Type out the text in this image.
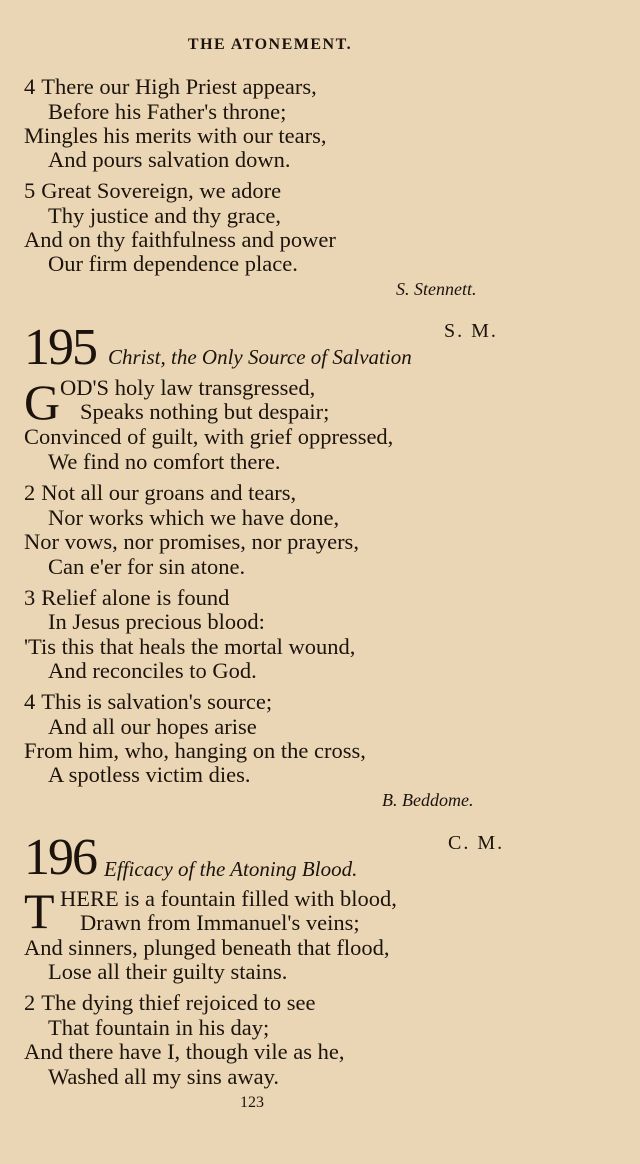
THE ATONEMENT.
4 There our High Priest appears,
Before his Father's throne;
Mingles his merits with our tears,
And pours salvation down.
5 Great Sovereign, we adore
Thy justice and thy grace,
And on thy faithfulness and power
Our firm dependence place.
S. Stennett.
195	S. M.
Christ, the Only Source of Salvation
G OD'S holy law transgressed,
Speaks nothing but despair;
Convinced of guilt, with grief oppressed,
We find no comfort there.
2 Not all our groans and tears,
Nor works which we have done,
Nor vows, nor promises, nor prayers,
Can e'er for sin atone.
3 Relief alone is found
In Jesus precious blood:
'Tis this that heals the mortal wound,
And reconciles to God.
4 This is salvation's source;
And all our hopes arise
From him, who, hanging on the cross,
A spotless victim dies.
B. Beddome.
196	C. M.
Efficacy of the Atoning Blood.
T HERE is a fountain filled with blood,
Drawn from Immanuel's veins;
And sinners, plunged beneath that flood,
Lose all their guilty stains.
2 The dying thief rejoiced to see
That fountain in his day;
And there have I, though vile as he,
Washed all my sins away.
123
